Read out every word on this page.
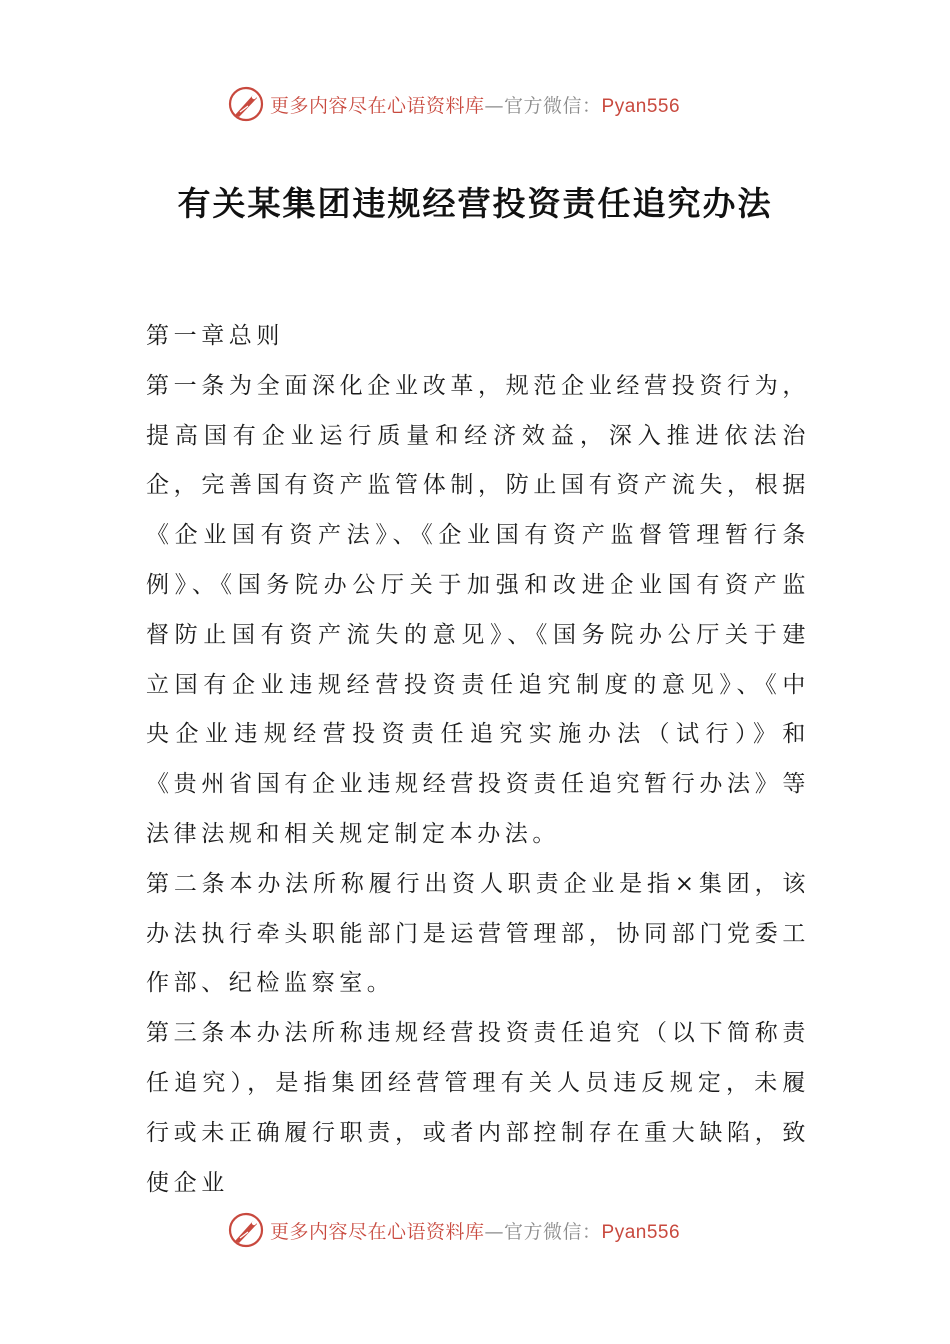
更多内容尽在心语资料库 — 官方微信： Pyan556
有关某集团违规经营投资责任追究办法

第一章总则

第一条为全面深化企业改革，规范企业经营投资行为，提高国有企业运行质量和经济效益，深入推进依法治企，完善国有资产监管体制，防止国有资产流失，根据《企业国有资产法》、《企业国有资产监督管理暂行条例》、《国务院办公厅关于加强和改进企业国有资产监督防止国有资产流失的意见》、《国务院办公厅关于建立国有企业违规经营投资责任追究制度的意见》、《中央企业违规经营投资责任追究实施办法（试行）》和《贵州省国有企业违规经营投资责任追究暂行办法》等法律法规和相关规定制定本办法。

第二条本办法所称履行出资人职责企业是指×集团，该办法执行牵头职能部门是运营管理部，协同部门党委工作部、纪检监察室。

第三条本办法所称违规经营投资责任追究（以下简称责任追究），是指集团经营管理有关人员违反规定，未履行或未正确履行职责，或者内部控制存在重大缺陷，致使企业

更多内容尽在心语资料库 — 官方微信： Pyan556
